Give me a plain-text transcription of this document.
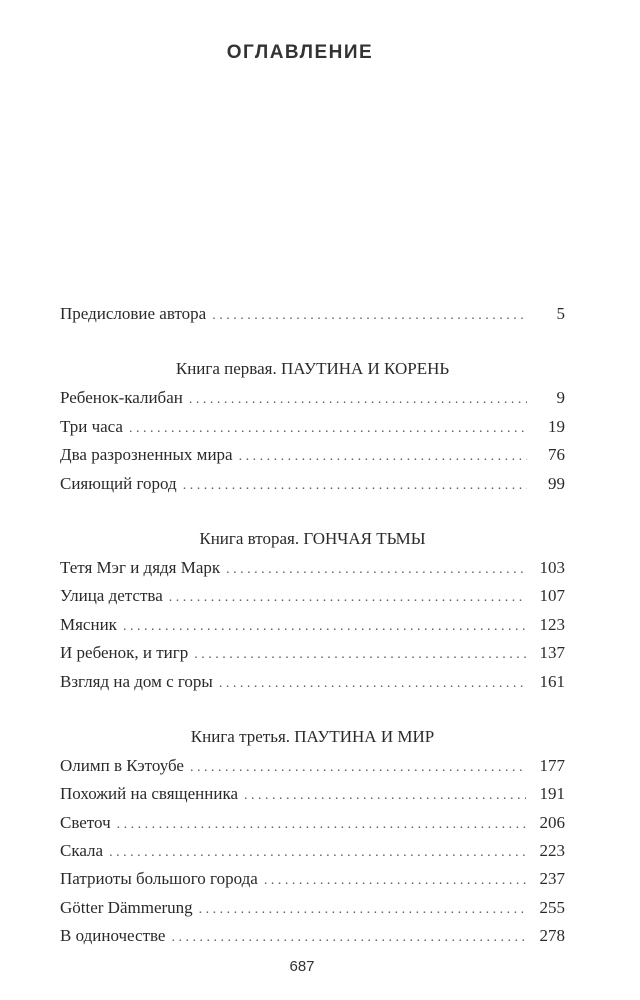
ОГЛАВЛЕНИЕ
Предисловие автора . . .	5
Книга первая. ПАУТИНА И КОРЕНЬ
Ребенок-калибан . . .	9
Три часа . . .	19
Два разрозненных мира . . .	76
Сияющий город . . .	99
Книга вторая. ГОНЧАЯ ТЬМЫ
Тетя Мэг и дядя Марк . . .	103
Улица детства . . .	107
Мясник . . .	123
И ребенок, и тигр . . .	137
Взгляд на дом с горы . . .	161
Книга третья. ПАУТИНА И МИР
Олимп в Кэтоубе . . .	177
Похожий на священника . . .	191
Светоч . . .	206
Скала . . .	223
Патриоты большого города . . .	237
Götter Dämmerung . . .	255
В одиночестве . . .	278
687
